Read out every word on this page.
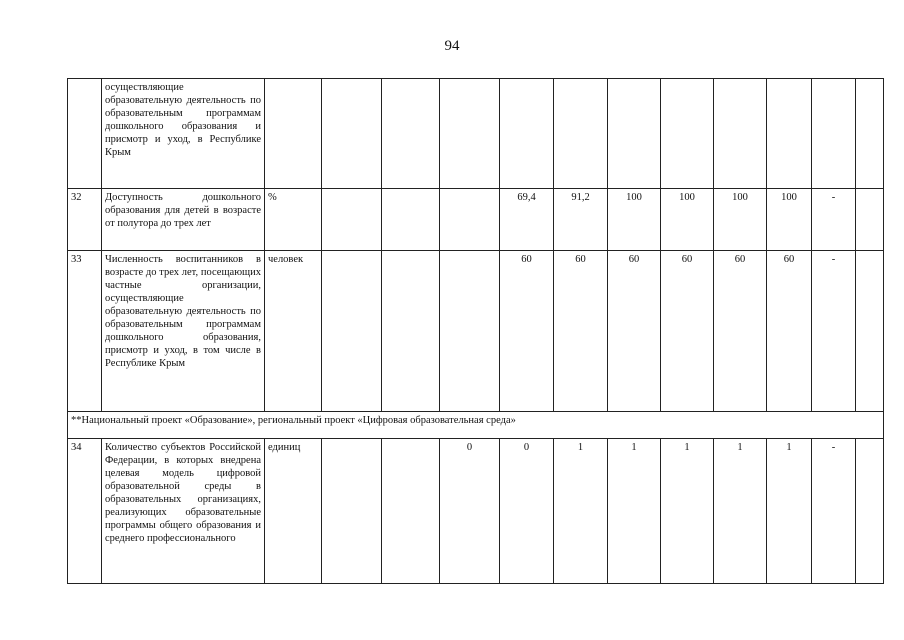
94
	осуществляющие образовательную деятельность по образовательным программам дошкольного образования и присмотр и уход, в Республике Крым												
32	Доступность дошкольного образования для детей в возрасте от полутора до трех лет	%				69,4	91,2	100	100	100	100	-	
33	Численность воспитанников в возрасте до трех лет, посещающих частные организации, осуществляющие образовательную деятельность по образовательным программам дошкольного образования, присмотр и уход, в том числе в Республике Крым	человек				60	60	60	60	60	60	-	
**Национальный проект «Образование», региональный проект «Цифровая образовательная среда»													
34	Количество субъектов Российской Федерации, в которых внедрена целевая модель цифровой образовательной среды в образовательных организациях, реализующих образовательные программы общего образования и среднего профессионального	единиц			0	0	1	1	1	1	1	-	
